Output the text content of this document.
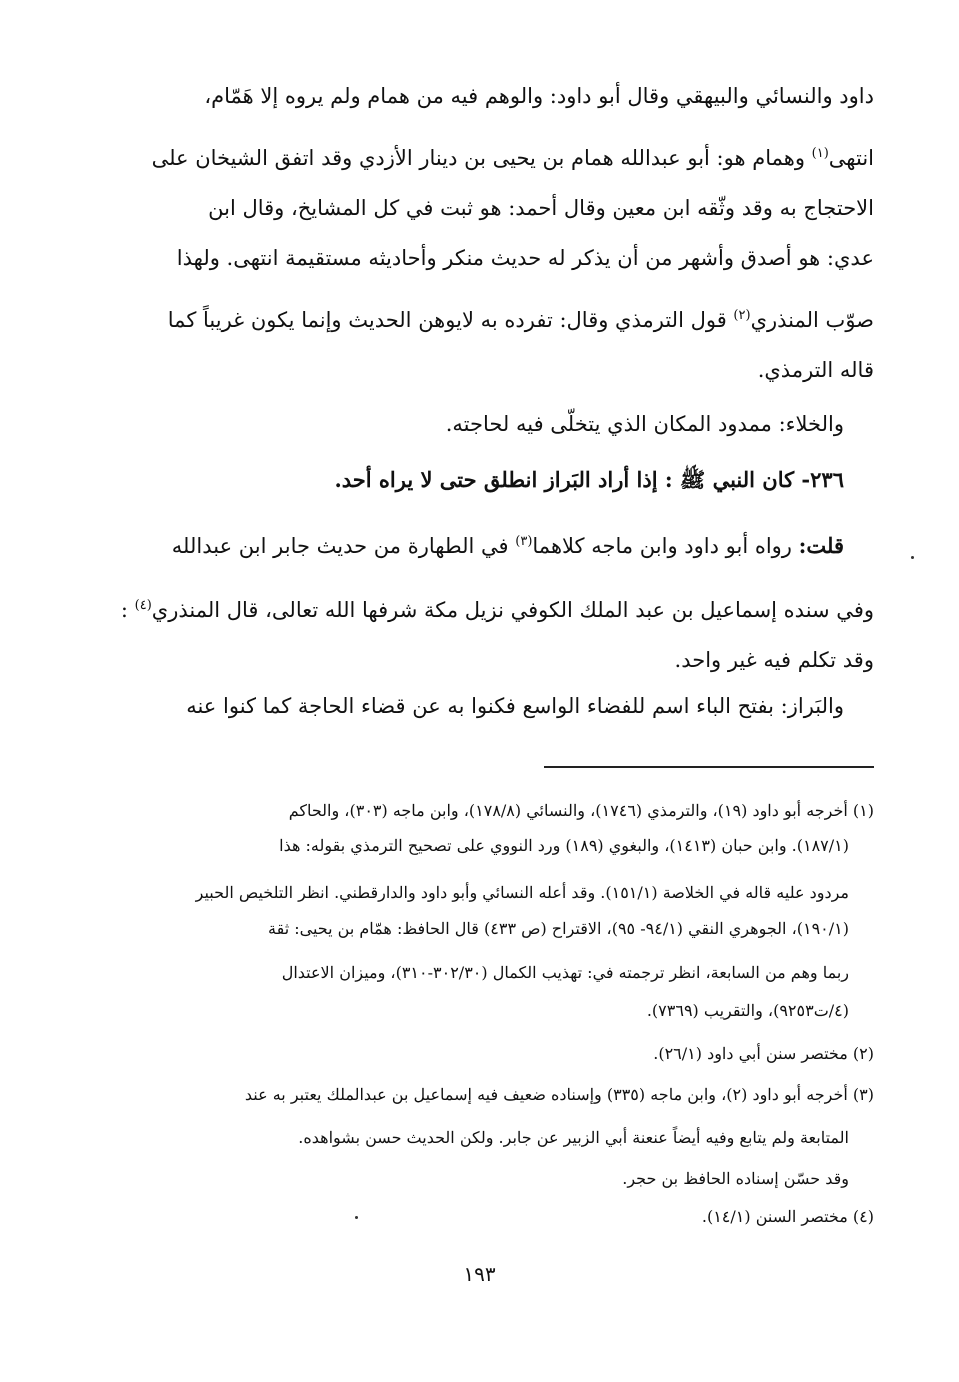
داود والنسائي والبيهقي وقال أبو داود: والوهم فيه من همام ولم يروه إلا هَمّام،
انتهى$^{(١)}$ وهمام هو: أبو عبدالله همام بن يحيى بن دينار الأزدي وقد اتفق الشيخان على
الاحتجاج به وقد وثّقه ابن معين وقال أحمد: هو ثبت في كل المشايخ، وقال ابن
عدي: هو أصدق وأشهر من أن يذكر له حديث منكر وأحاديثه مستقيمة انتهى. ولهذا
صوّب المنذري$^{(٢)}$ قول الترمذي وقال: تفرده به لايوهن الحديث وإنما يكون غريباً كما
قاله الترمذي.
والخلاء: ممدود المكان الذي يتخلّى فيه لحاجته.
٢٣٦- كان النبي ﷺ : إذا أراد البَراز انطلق حتى لا يراه أحد.
قلت: رواه أبو داود وابن ماجه كلاهما$^{(٣)}$ في الطهارة من حديث جابر ابن عبدالله
وفي سنده إسماعيل بن عبد الملك الكوفي نزيل مكة شرفها الله تعالى، قال المنذري$^{(٤)}$ :
وقد تكلم فيه غير واحد.
والبَراز: بفتح الباء اسم للفضاء الواسع فكنوا به عن قضاء الحاجة كما كنوا عنه
(١) أخرجه أبو داود (١٩)، والترمذي (١٧٤٦)، والنسائي (١٧٨/٨)، وابن ماجه (٣٠٣)، والحاكم
(١٨٧/١). وابن حبان (١٤١٣)، والبغوي (١٨٩) ورد النووي على تصحيح الترمذي بقوله: هذا
مردود عليه قاله في الخلاصة (١٥١/١). وقد أعله النسائي وأبو داود والدارقطني. انظر التلخيص الحبير
(١٩٠/١)، الجوهري النقي (٩٤/١- ٩٥)، الاقتراح (ص ٤٣٣) قال الحافظ: همّام بن يحيى: ثقة
ربما وهم من السابعة، انظر ترجمته في: تهذيب الكمال (٣٠٢/٣٠-٣١٠)، وميزان الاعتدال
(٤/ت٩٢٥٣)، والتقريب (٧٣٦٩).
(٢) مختصر سنن أبي داود (٢٦/١).
(٣) أخرجه أبو داود (٢)، وابن ماجه (٣٣٥) وإسناده ضعيف فيه إسماعيل بن عبدالملك يعتبر به عند
المتابعة ولم يتابع وفيه أيضاً عنعنة أبي الزبير عن جابر. ولكن الحديث حسن بشواهده.
وقد حسّن إسناده الحافظ بن حجر.
(٤) مختصر السنن (١٤/١).
١٩٣
